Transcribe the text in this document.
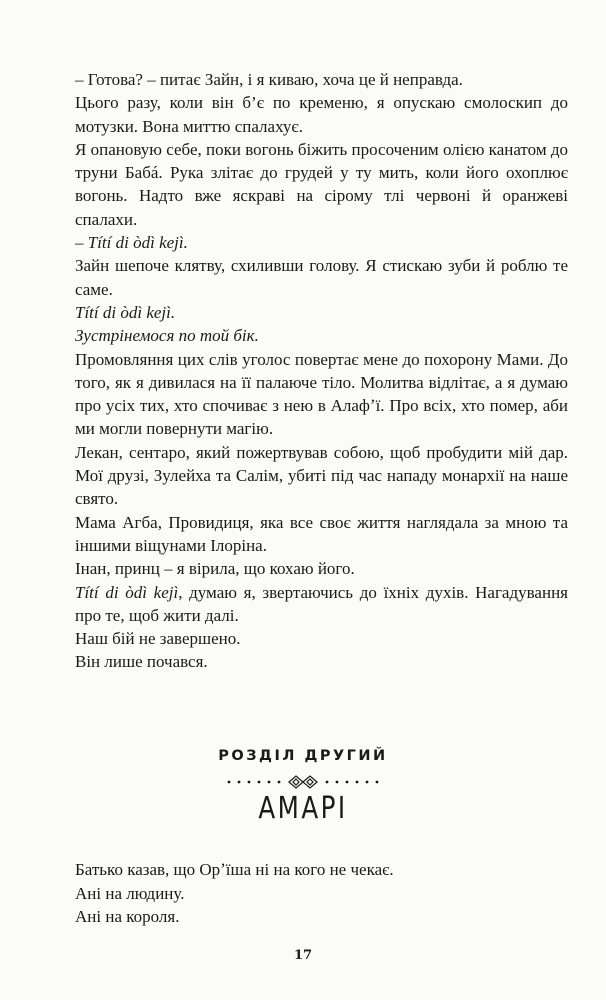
– Готова? – питає Зайн, і я киваю, хоча це й неправда.

Цього разу, коли він б’є по кременю, я опускаю смолоскип до мотузки. Вона миттю спалахує.

Я опановую себе, поки вогонь біжить просоченим олією канатом до труни Бабá. Рука злітає до грудей у ту мить, коли його охоплює вогонь. Надто вже яскраві на сірому тлі червоні й оранжеві спалахи.

– Títí di òdì kejì.

Зайн шепоче клятву, схиливши голову. Я стискаю зуби й роблю те саме.

Títí di òdì kejì.

Зустрінемося по той бік.

Промовляння цих слів уголос повертає мене до похорону Мами. До того, як я дивилася на її палаюче тіло. Молитва відлітає, а я думаю про усіх тих, хто спочиває з нею в Алафʼї. Про всіх, хто помер, аби ми могли повернути магію.

Лекан, сентаро, який пожертвував собою, щоб пробудити мій дар. Мої друзі, Зулейха та Салім, убиті під час нападу монархії на наше свято.

Мама Агба, Провидиця, яка все своє життя наглядала за мною та іншими віщунами Ілоріна.

Інан, принц – я вірила, що кохаю його.

Títí di òdì kejì, думаю я, звертаючись до їхніх духів. Нагадування про те, щоб жити далі.

Наш бій не завершено.

Він лише почався.

РОЗДІЛ ДРУГИЙ
АМАРІ

Батько казав, що Орʼїша ні на кого не чекає.

Ані на людину.

Ані на короля.

17
